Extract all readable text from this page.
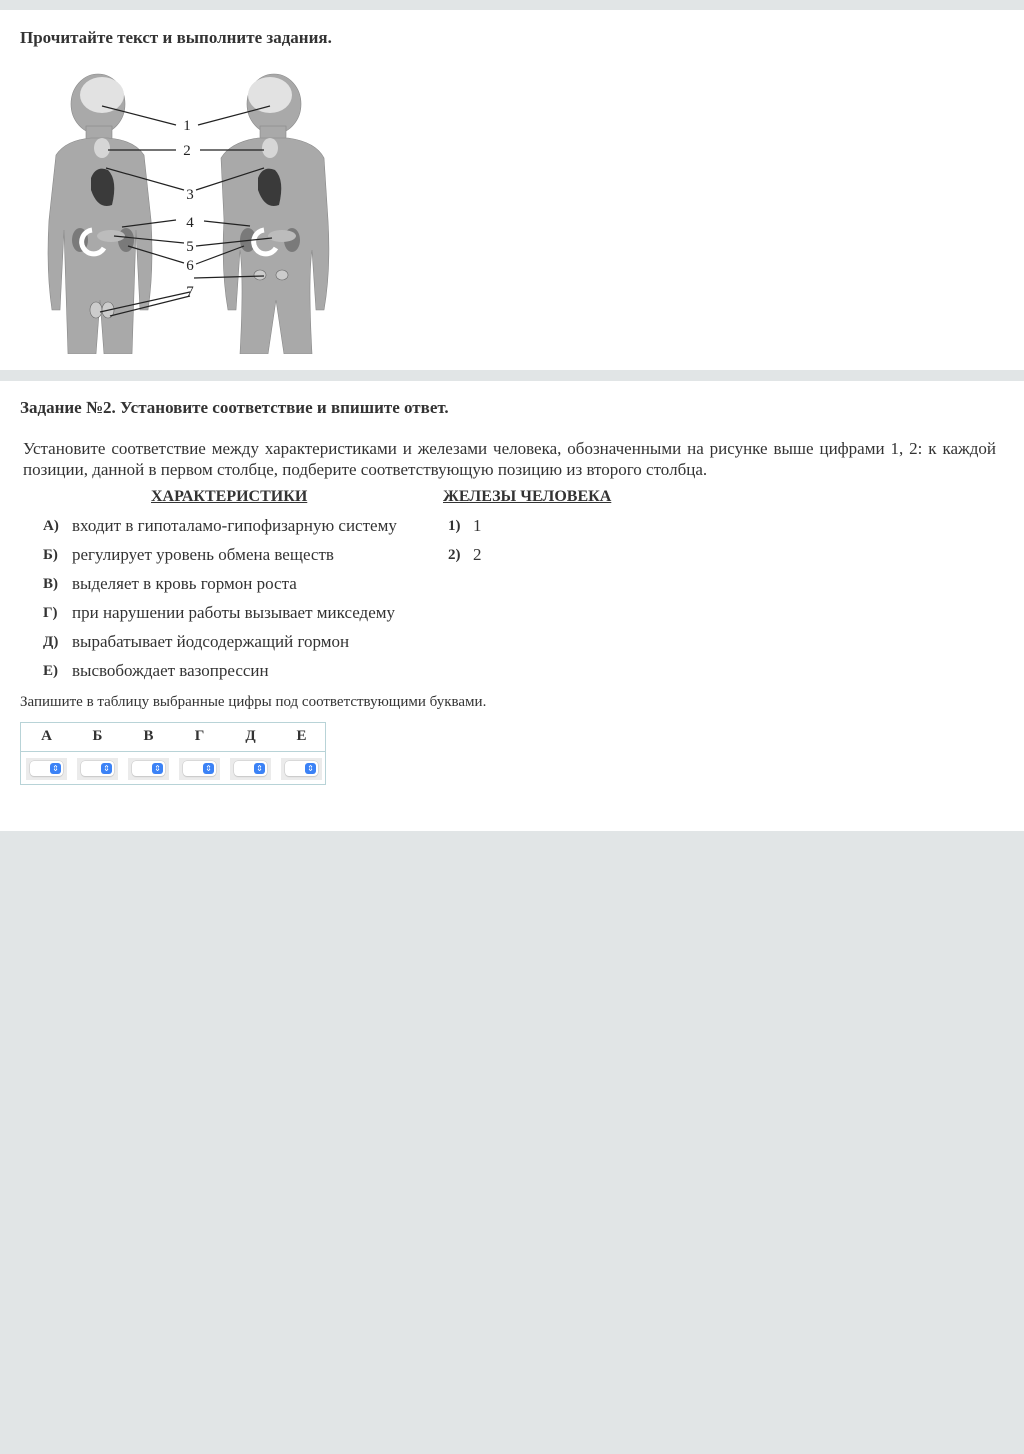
Прочитайте текст и выполните задания.
1
2
3
4
5
6
7
Задание №2. Установите соответствие и впишите ответ.
Установите соответствие между характеристиками и железами человека, обозначенными на рисунке выше цифрами 1, 2: к каждой позиции, данной в первом столбце, подберите соответствующую позицию из второго столбца.
ХАРАКТЕРИСТИКИ	ЖЕЛЕЗЫ ЧЕЛОВЕКА
А) входит в гипоталамо-гипофизарную систему
Б) регулирует уровень обмена веществ
В) выделяет в кровь гормон роста
Г) при нарушении работы вызывает микседему
Д) вырабатывает йодсодержащий гормон
Е) высвобождает вазопрессин
1) 1
2) 2
Запишите в таблицу выбранные цифры под соответствующими буквами.
А	Б	В	Г	Д	Е
⇕	⇕	⇕	⇕	⇕	⇕
